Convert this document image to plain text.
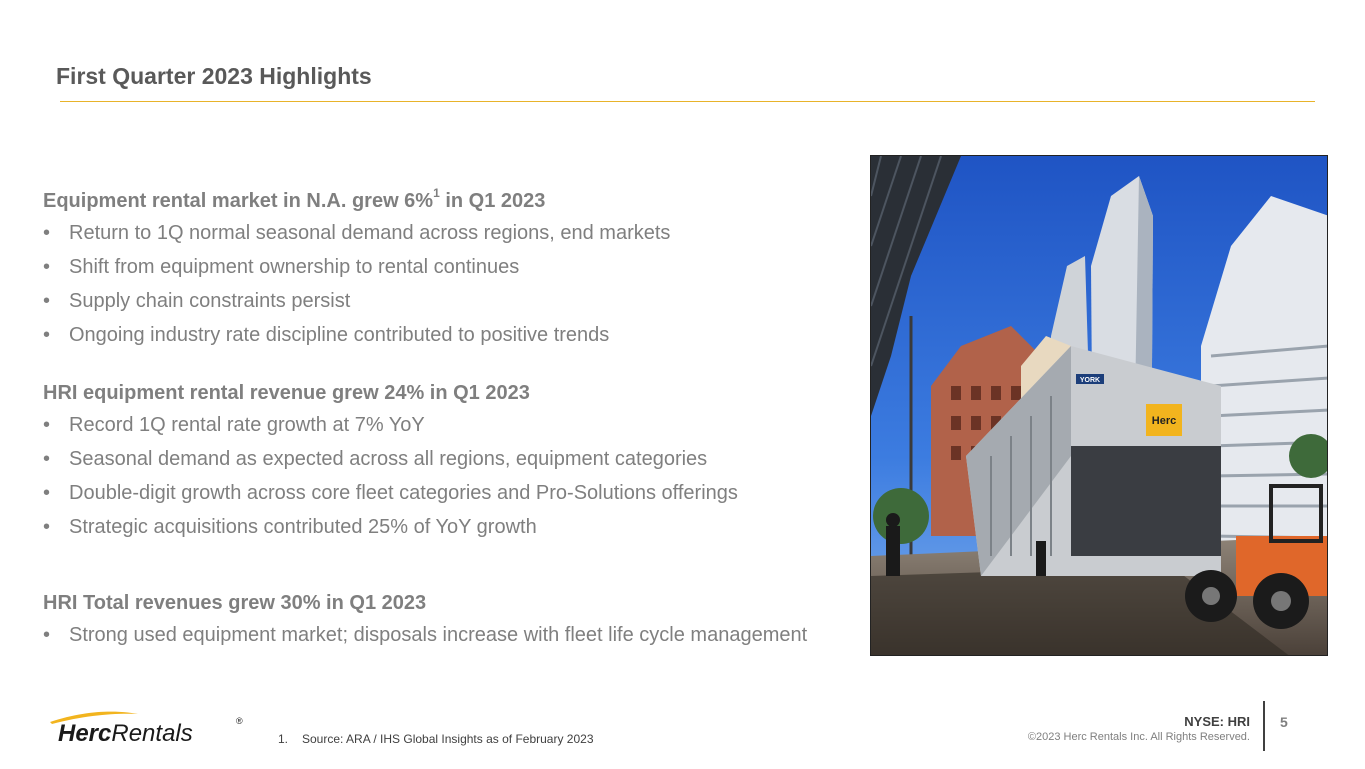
First Quarter 2023 Highlights
Equipment rental market in N.A. grew 6%$^1$ in Q1 2023
• Return to 1Q normal seasonal demand across regions, end markets
• Shift from equipment ownership to rental continues
• Supply chain constraints persist
• Ongoing industry rate discipline contributed to positive trends
HRI equipment rental revenue grew 24% in Q1 2023
• Record 1Q rental rate growth at 7% YoY
• Seasonal demand as expected across all regions, equipment categories
• Double-digit growth across core fleet categories and Pro-Solutions offerings
• Strategic acquisitions contributed 25% of YoY growth
HRI Total revenues grew 30% in Q1 2023
• Strong used equipment market; disposals increase with fleet life cycle management
YORK
Herc
HercRentals	®
1. Source: ARA / IHS Global Insights as of February 2023
NYSE: HRI
©2023 Herc Rentals Inc. All Rights Reserved.
5
